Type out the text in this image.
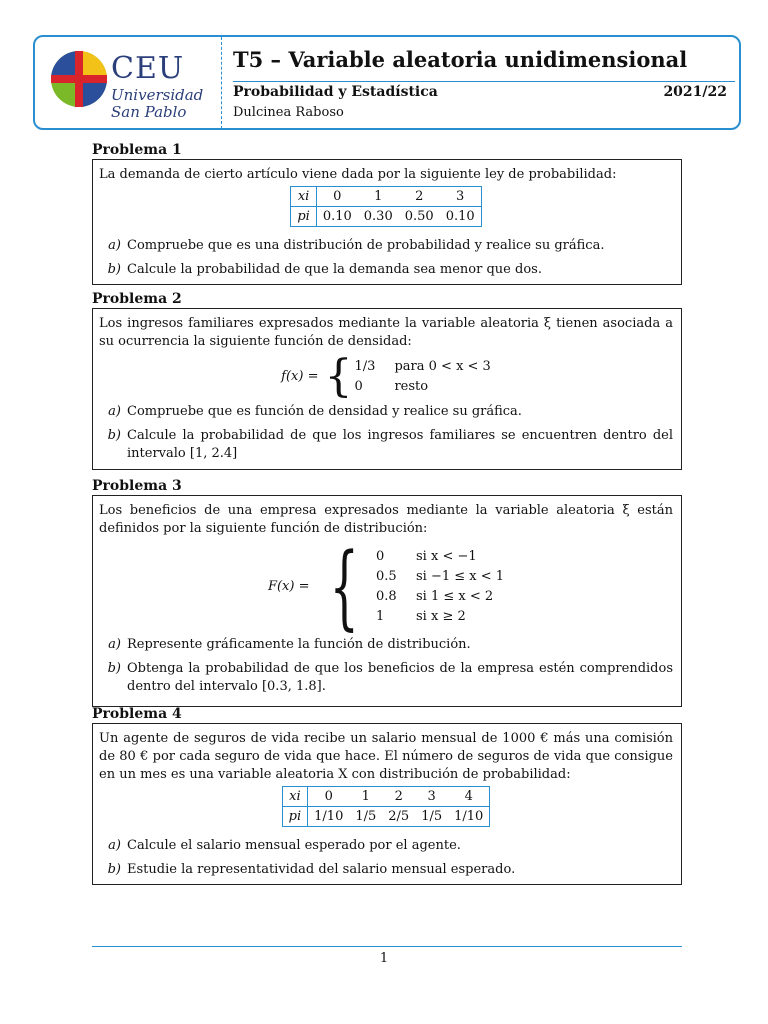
CEU
Universidad
San Pablo
T5 – Variable aleatoria unidimensional
Probabilidad y Estadística	2021/22
Dulcinea Raboso
Problema 1

La demanda de cierto artículo viene dada por la siguiente ley de probabilidad:

xi	0	1	2	3
pi	0.10	0.30	0.50	0.10
a) Compruebe que es una distribución de probabilidad y realice su gráfica.
b) Calcule la probabilidad de que la demanda sea menor que dos.
Problema 2

Los ingresos familiares expresados mediante la variable aleatoria ξ tienen asociada a su ocurrencia la siguiente función de densidad:

f(x) = { 1/3	para 0 < x < 3
0	resto
a) Compruebe que es función de densidad y realice su gráfica.
b) Calcule la probabilidad de que los ingresos familiares se encuentren dentro del intervalo [1, 2.4]
Problema 3

Los beneficios de una empresa expresados mediante la variable aleatoria ξ están definidos por la siguiente función de distribución:

F(x) = { 0	si x < −1
0.5	si −1 ≤ x < 1
0.8	si 1 ≤ x < 2
1	si x ≥ 2
a) Represente gráficamente la función de distribución.
b) Obtenga la probabilidad de que los beneficios de la empresa estén comprendidos dentro del intervalo [0.3, 1.8].
Problema 4

Un agente de seguros de vida recibe un salario mensual de 1000 € más una comisión de 80 € por cada seguro de vida que hace. El número de seguros de vida que consigue en un mes es una variable aleatoria X con distribución de probabilidad:

xi	0	1	2	3	4
pi	1/10	1/5	2/5	1/5	1/10
a) Calcule el salario mensual esperado por el agente.
b) Estudie la representatividad del salario mensual esperado.
1
